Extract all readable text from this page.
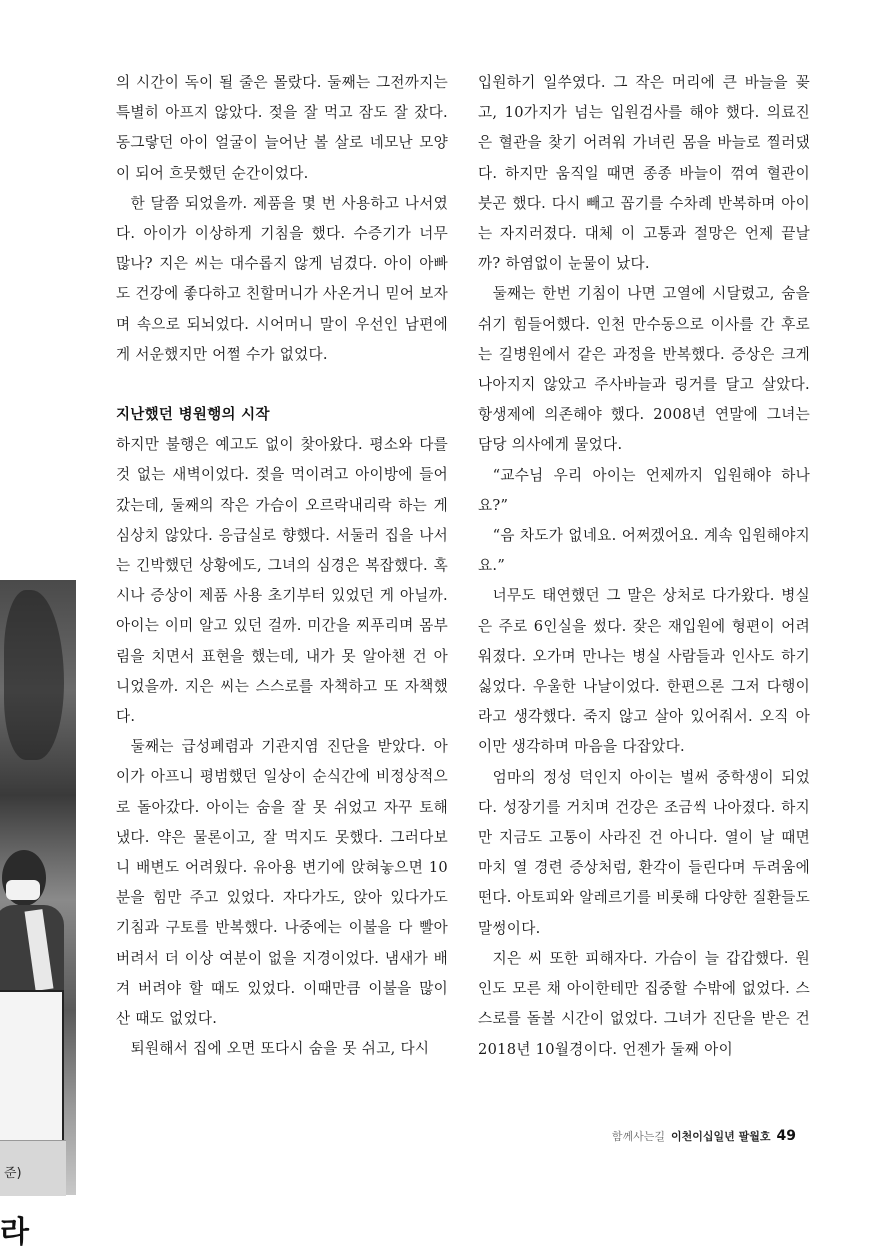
라
준)

의 시간이 독이 될 줄은 몰랐다. 둘째는 그전까지는 특별히 아프지 않았다. 젖을 잘 먹고 잠도 잘 잤다. 동그랗던 아이 얼굴이 늘어난 볼 살로 네모난 모양이 되어 흐뭇했던 순간이었다.

한 달쯤 되었을까. 제품을 몇 번 사용하고 나서였다. 아이가 이상하게 기침을 했다. 수증기가 너무 많나? 지은 씨는 대수롭지 않게 넘겼다. 아이 아빠도 건강에 좋다하고 친할머니가 사온거니 믿어 보자며 속으로 되뇌었다. 시어머니 말이 우선인 남편에게 서운했지만 어쩔 수가 없었다.

지난했던 병원행의 시작

하지만 불행은 예고도 없이 찾아왔다. 평소와 다를 것 없는 새벽이었다. 젖을 먹이려고 아이방에 들어갔는데, 둘째의 작은 가슴이 오르락내리락 하는 게 심상치 않았다. 응급실로 향했다. 서둘러 집을 나서는 긴박했던 상황에도, 그녀의 심경은 복잡했다. 혹시나 증상이 제품 사용 초기부터 있었던 게 아닐까. 아이는 이미 알고 있던 걸까. 미간을 찌푸리며 몸부림을 치면서 표현을 했는데, 내가 못 알아챈 건 아니었을까. 지은 씨는 스스로를 자책하고 또 자책했다.

둘째는 급성폐렴과 기관지염 진단을 받았다. 아이가 아프니 평범했던 일상이 순식간에 비정상적으로 돌아갔다. 아이는 숨을 잘 못 쉬었고 자꾸 토해냈다. 약은 물론이고, 잘 먹지도 못했다. 그러다보니 배변도 어려웠다. 유아용 변기에 앉혀놓으면 10분을 힘만 주고 있었다. 자다가도, 앉아 있다가도 기침과 구토를 반복했다. 나중에는 이불을 다 빨아버려서 더 이상 여분이 없을 지경이었다. 냄새가 배겨 버려야 할 때도 있었다. 이때만큼 이불을 많이 산 때도 없었다.

퇴원해서 집에 오면 또다시 숨을 못 쉬고, 다시

입원하기 일쑤였다. 그 작은 머리에 큰 바늘을 꽂고, 10가지가 넘는 입원검사를 해야 했다. 의료진은 혈관을 찾기 어려워 가녀린 몸을 바늘로 찔러댔다. 하지만 움직일 때면 종종 바늘이 꺾여 혈관이 붓곤 했다. 다시 빼고 꼽기를 수차례 반복하며 아이는 자지러졌다. 대체 이 고통과 절망은 언제 끝날까? 하염없이 눈물이 났다.

둘째는 한번 기침이 나면 고열에 시달렸고, 숨을 쉬기 힘들어했다. 인천 만수동으로 이사를 간 후로는 길병원에서 같은 과정을 반복했다. 증상은 크게 나아지지 않았고 주사바늘과 링거를 달고 살았다. 항생제에 의존해야 했다. 2008년 연말에 그녀는 담당 의사에게 물었다.

“교수님 우리 아이는 언제까지 입원해야 하나요?”

“음 차도가 없네요. 어쩌겠어요. 계속 입원해야지요.”

너무도 태연했던 그 말은 상처로 다가왔다. 병실은 주로 6인실을 썼다. 잦은 재입원에 형편이 어려워졌다. 오가며 만나는 병실 사람들과 인사도 하기 싫었다. 우울한 나날이었다. 한편으론 그저 다행이라고 생각했다. 죽지 않고 살아 있어줘서. 오직 아이만 생각하며 마음을 다잡았다.

엄마의 정성 덕인지 아이는 벌써 중학생이 되었다. 성장기를 거치며 건강은 조금씩 나아졌다. 하지만 지금도 고통이 사라진 건 아니다. 열이 날 때면 마치 열 경련 증상처럼, 환각이 들린다며 두려움에 떤다. 아토피와 알레르기를 비롯해 다양한 질환들도 말썽이다.

지은 씨 또한 피해자다. 가슴이 늘 갑갑했다. 원인도 모른 채 아이한테만 집중할 수밖에 없었다. 스스로를 돌볼 시간이 없었다. 그녀가 진단을 받은 건 2018년 10월경이다. 언젠가 둘째 아이

함께사는길 이천이십일년 팔월호 49
